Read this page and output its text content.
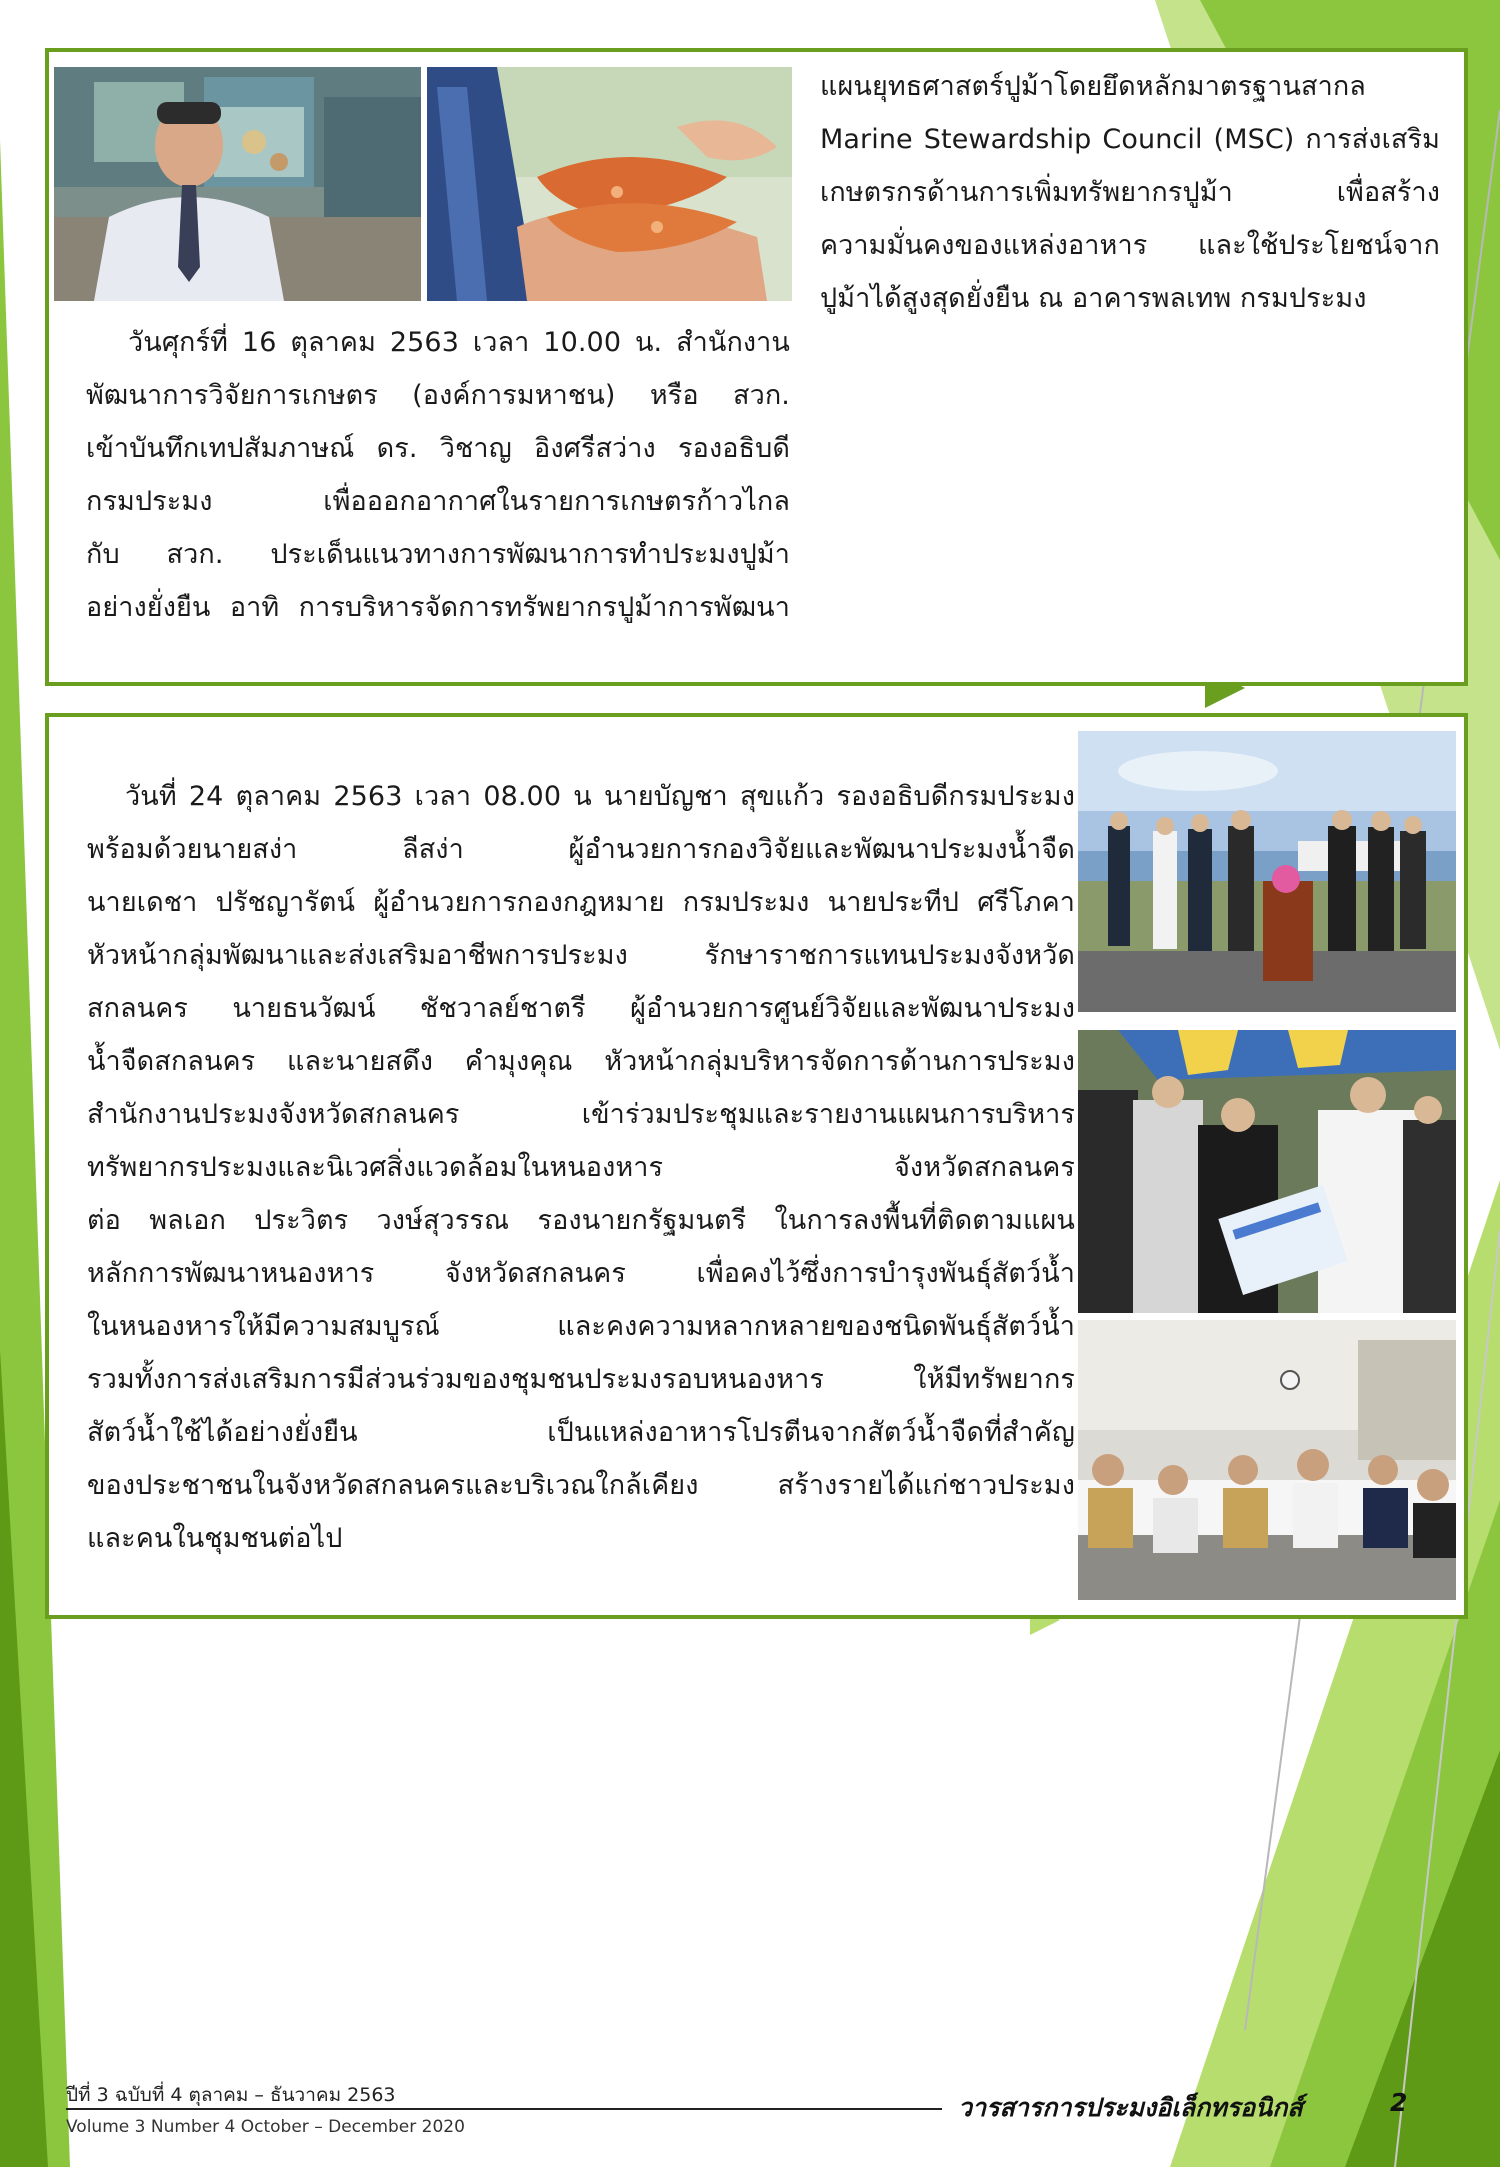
วันศุกร์ที่ 16 ตุลาคม 2563 เวลา 10.00 น. สำนักงาน
พัฒนาการวิจัยการเกษตร (องค์การมหาชน) หรือ สวก.
เข้าบันทึกเทปสัมภาษณ์ ดร. วิชาญ อิงศรีสว่าง รองอธิบดี
กรมประมง เพื่อออกอากาศในรายการเกษตรก้าวไกล
กับ สวก. ประเด็นแนวทางการพัฒนาการทำประมงปูม้า
อย่างยั่งยืน อาทิ การบริหารจัดการทรัพยากรปูม้าการพัฒนา
แผนยุทธศาสตร์ปูม้าโดยยึดหลักมาตรฐานสากล
Marine Stewardship Council (MSC) การส่งเสริม
เกษตรกรด้านการเพิ่มทรัพยากรปูม้า เพื่อสร้าง
ความมั่นคงของแหล่งอาหาร และใช้ประโยชน์จาก
ปูม้าได้สูงสุดยั่งยืน ณ อาคารพลเทพ กรมประมง
วันที่ 24 ตุลาคม 2563 เวลา 08.00 น นายบัญชา สุขแก้ว รองอธิบดีกรมประมง
พร้อมด้วยนายสง่า ลีสง่า ผู้อำนวยการกองวิจัยและพัฒนาประมงน้ำจืด
นายเดชา ปรัชญารัตน์ ผู้อำนวยการกองกฎหมาย กรมประมง นายประทีป ศรีโภคา
หัวหน้ากลุ่มพัฒนาและส่งเสริมอาชีพการประมง รักษาราชการแทนประมงจังหวัด
สกลนคร นายธนวัฒน์ ชัชวาลย์ชาตรี ผู้อำนวยการศูนย์วิจัยและพัฒนาประมง
น้ำจืดสกลนคร และนายสดึง คำมุงคุณ หัวหน้ากลุ่มบริหารจัดการด้านการประมง
สำนักงานประมงจังหวัดสกลนคร เข้าร่วมประชุมและรายงานแผนการบริหาร
ทรัพยากรประมงและนิเวศสิ่งแวดล้อมในหนองหาร จังหวัดสกลนคร
ต่อ พลเอก ประวิตร วงษ์สุวรรณ รองนายกรัฐมนตรี ในการลงพื้นที่ติดตามแผน
หลักการพัฒนาหนองหาร จังหวัดสกลนคร เพื่อคงไว้ซึ่งการบำรุงพันธุ์สัตว์น้ำ
ในหนองหารให้มีความสมบูรณ์ และคงความหลากหลายของชนิดพันธุ์สัตว์น้ำ
รวมทั้งการส่งเสริมการมีส่วนร่วมของชุมชนประมงรอบหนองหาร ให้มีทรัพยากร
สัตว์น้ำใช้ได้อย่างยั่งยืน เป็นแหล่งอาหารโปรตีนจากสัตว์น้ำจืดที่สำคัญ
ของประชาชนในจังหวัดสกลนครและบริเวณใกล้เคียง สร้างรายได้แก่ชาวประมง
และคนในชุมชนต่อไป
ปีที่ 3 ฉบับที่ 4 ตุลาคม – ธันวาคม 2563
Volume 3 Number 4 October – December 2020
วารสารการประมงอิเล็กทรอนิกส์	2
